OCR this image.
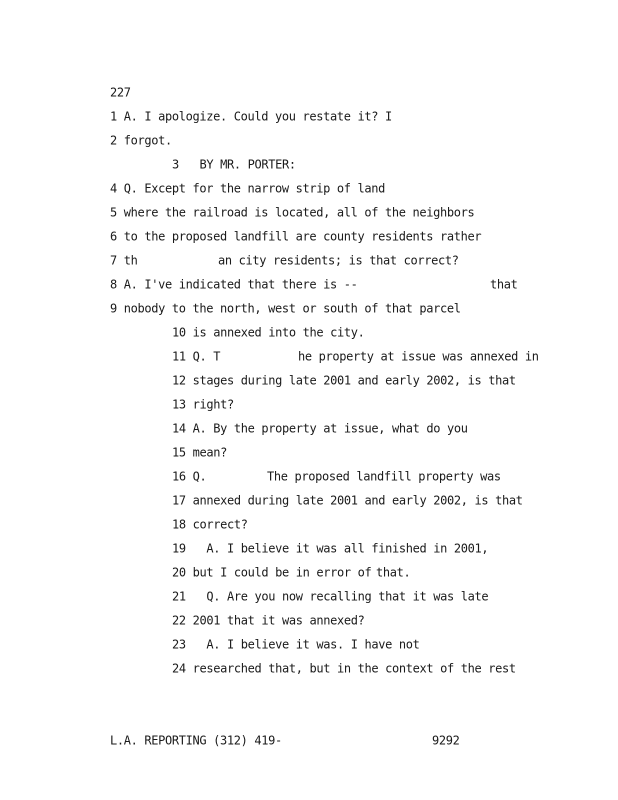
227
1 A. I apologize. Could you restate it? I
2 forgot.
3   BY MR. PORTER:
4 Q. Except for the narrow strip of land
5 where the railroad is located, all of the neighbors
6 to the proposed landfill are county residents rather
7 th	an city residents; is that correct?
8 A. I've indicated that there is --	that
9 nobody to the north, west or south of that parcel
10 is annexed into the city.
11 Q. T	he property at issue was annexed in
12 stages during late 2001 and early 2002, is that
13 right?
14 A. By the property at issue, what do you
15 mean?
16 Q.	The proposed landfill property was
17 annexed during late 2001 and early 2002, is that
18 correct?
19   A. I believe it was all finished in 2001,
20 but I could be in error of that.
21   Q. Are you now recalling that it was late
22 2001 that it was annexed?
23   A. I believe it was. I have not
24 researched that, but in the context of the rest
L.A. REPORTING (312) 419-	9292
